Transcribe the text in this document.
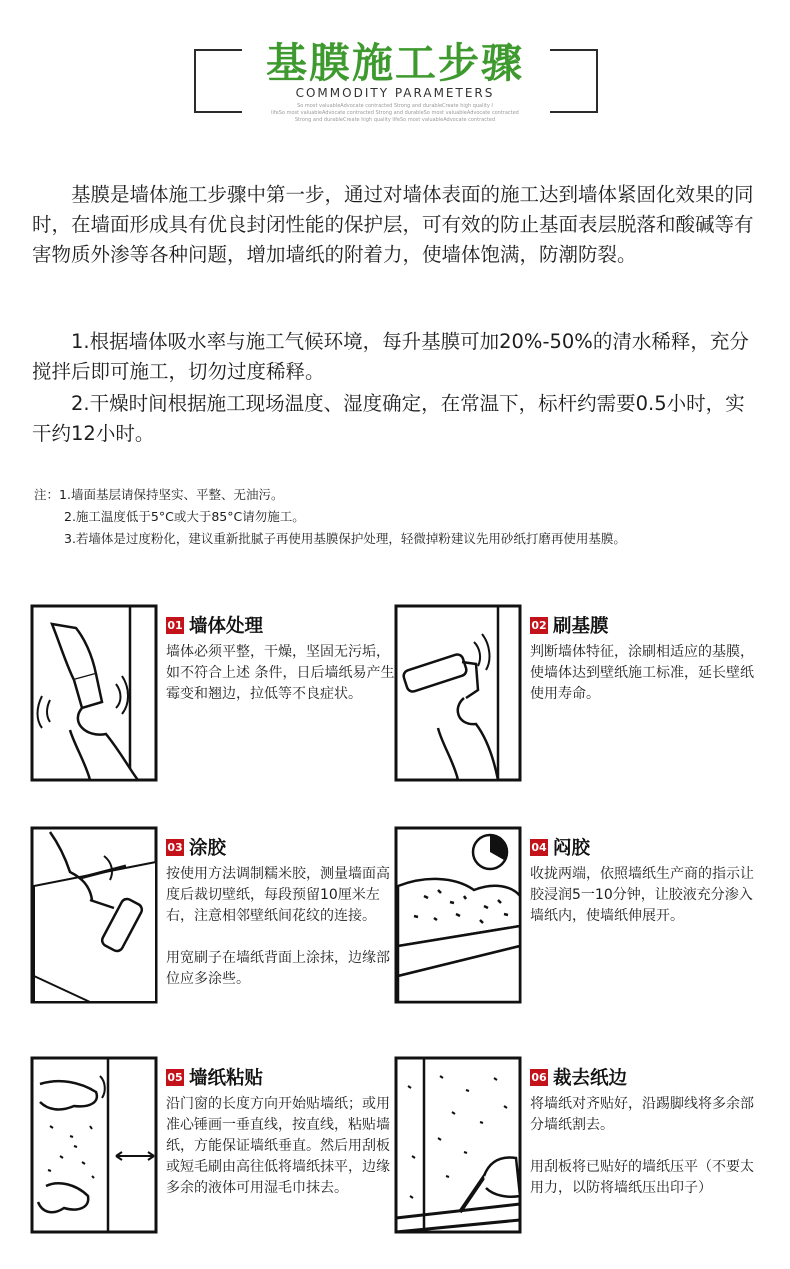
基膜施工步骤
COMMODITY PARAMETERS
So most valuableAdvocate contracted Strong and durableCreate high quality I
lifeSo most valuableAdvocate contracted Strong and durableSo most valuableAdvocate contracted
Strong and durableCreate high quality lifeSo most valuableAdvocate contracted

基膜是墙体施工步骤中第一步，通过对墙体表面的施工达到墙体紧固化效果的同时，在墙面形成具有优良封闭性能的保护层，可有效的防止基面表层脱落和酸碱等有害物质外渗等各种问题，增加墙纸的附着力，使墙体饱满，防潮防裂。

1.根据墙体吸水率与施工气候环境，每升基膜可加20%-50%的清水稀释，充分搅拌后即可施工，切勿过度稀释。

2.干燥时间根据施工现场温度、湿度确定，在常温下，标杆约需要0.5小时，实干约12小时。

注：1.墙面基层请保持坚实、平整、无油污。
2.施工温度低于5°C或大于85°C请勿施工。
3.若墙体是过度粉化，建议重新批腻子再使用基膜保护处理，轻微掉粉建议先用砂纸打磨再使用基膜。
01 墙体处理

墙体必须平整，干燥，坚固无污垢，如不符合上述 条件，日后墙纸易产生霉变和翘边，拉低等不良症状。

02 刷基膜

判断墙体特征，涂刷相适应的基膜，使墙体达到壁纸施工标准，延长壁纸使用寿命。

03 涂胶

按使用方法调制糯米胶，测量墙面高度后裁切壁纸，每段预留10厘米左右，注意相邻壁纸间花纹的连接。

用宽刷子在墙纸背面上涂抹，边缘部位应多涂些。

04 闷胶

收拢两端，依照墙纸生产商的指示让胶浸润5一10分钟，让胶液充分渗入墙纸内，使墙纸伸展开。

05 墙纸粘贴

沿门窗的长度方向开始贴墙纸；或用准心锤画一垂直线，按直线，粘贴墙纸，方能保证墙纸垂直。然后用刮板或短毛刷由高往低将墙纸抹平，边缘多余的液体可用湿毛巾抹去。

06 裁去纸边

将墙纸对齐贴好，沿踢脚线将多余部分墙纸割去。

用刮板将已贴好的墙纸压平（不要太用力，以防将墙纸压出印子）
